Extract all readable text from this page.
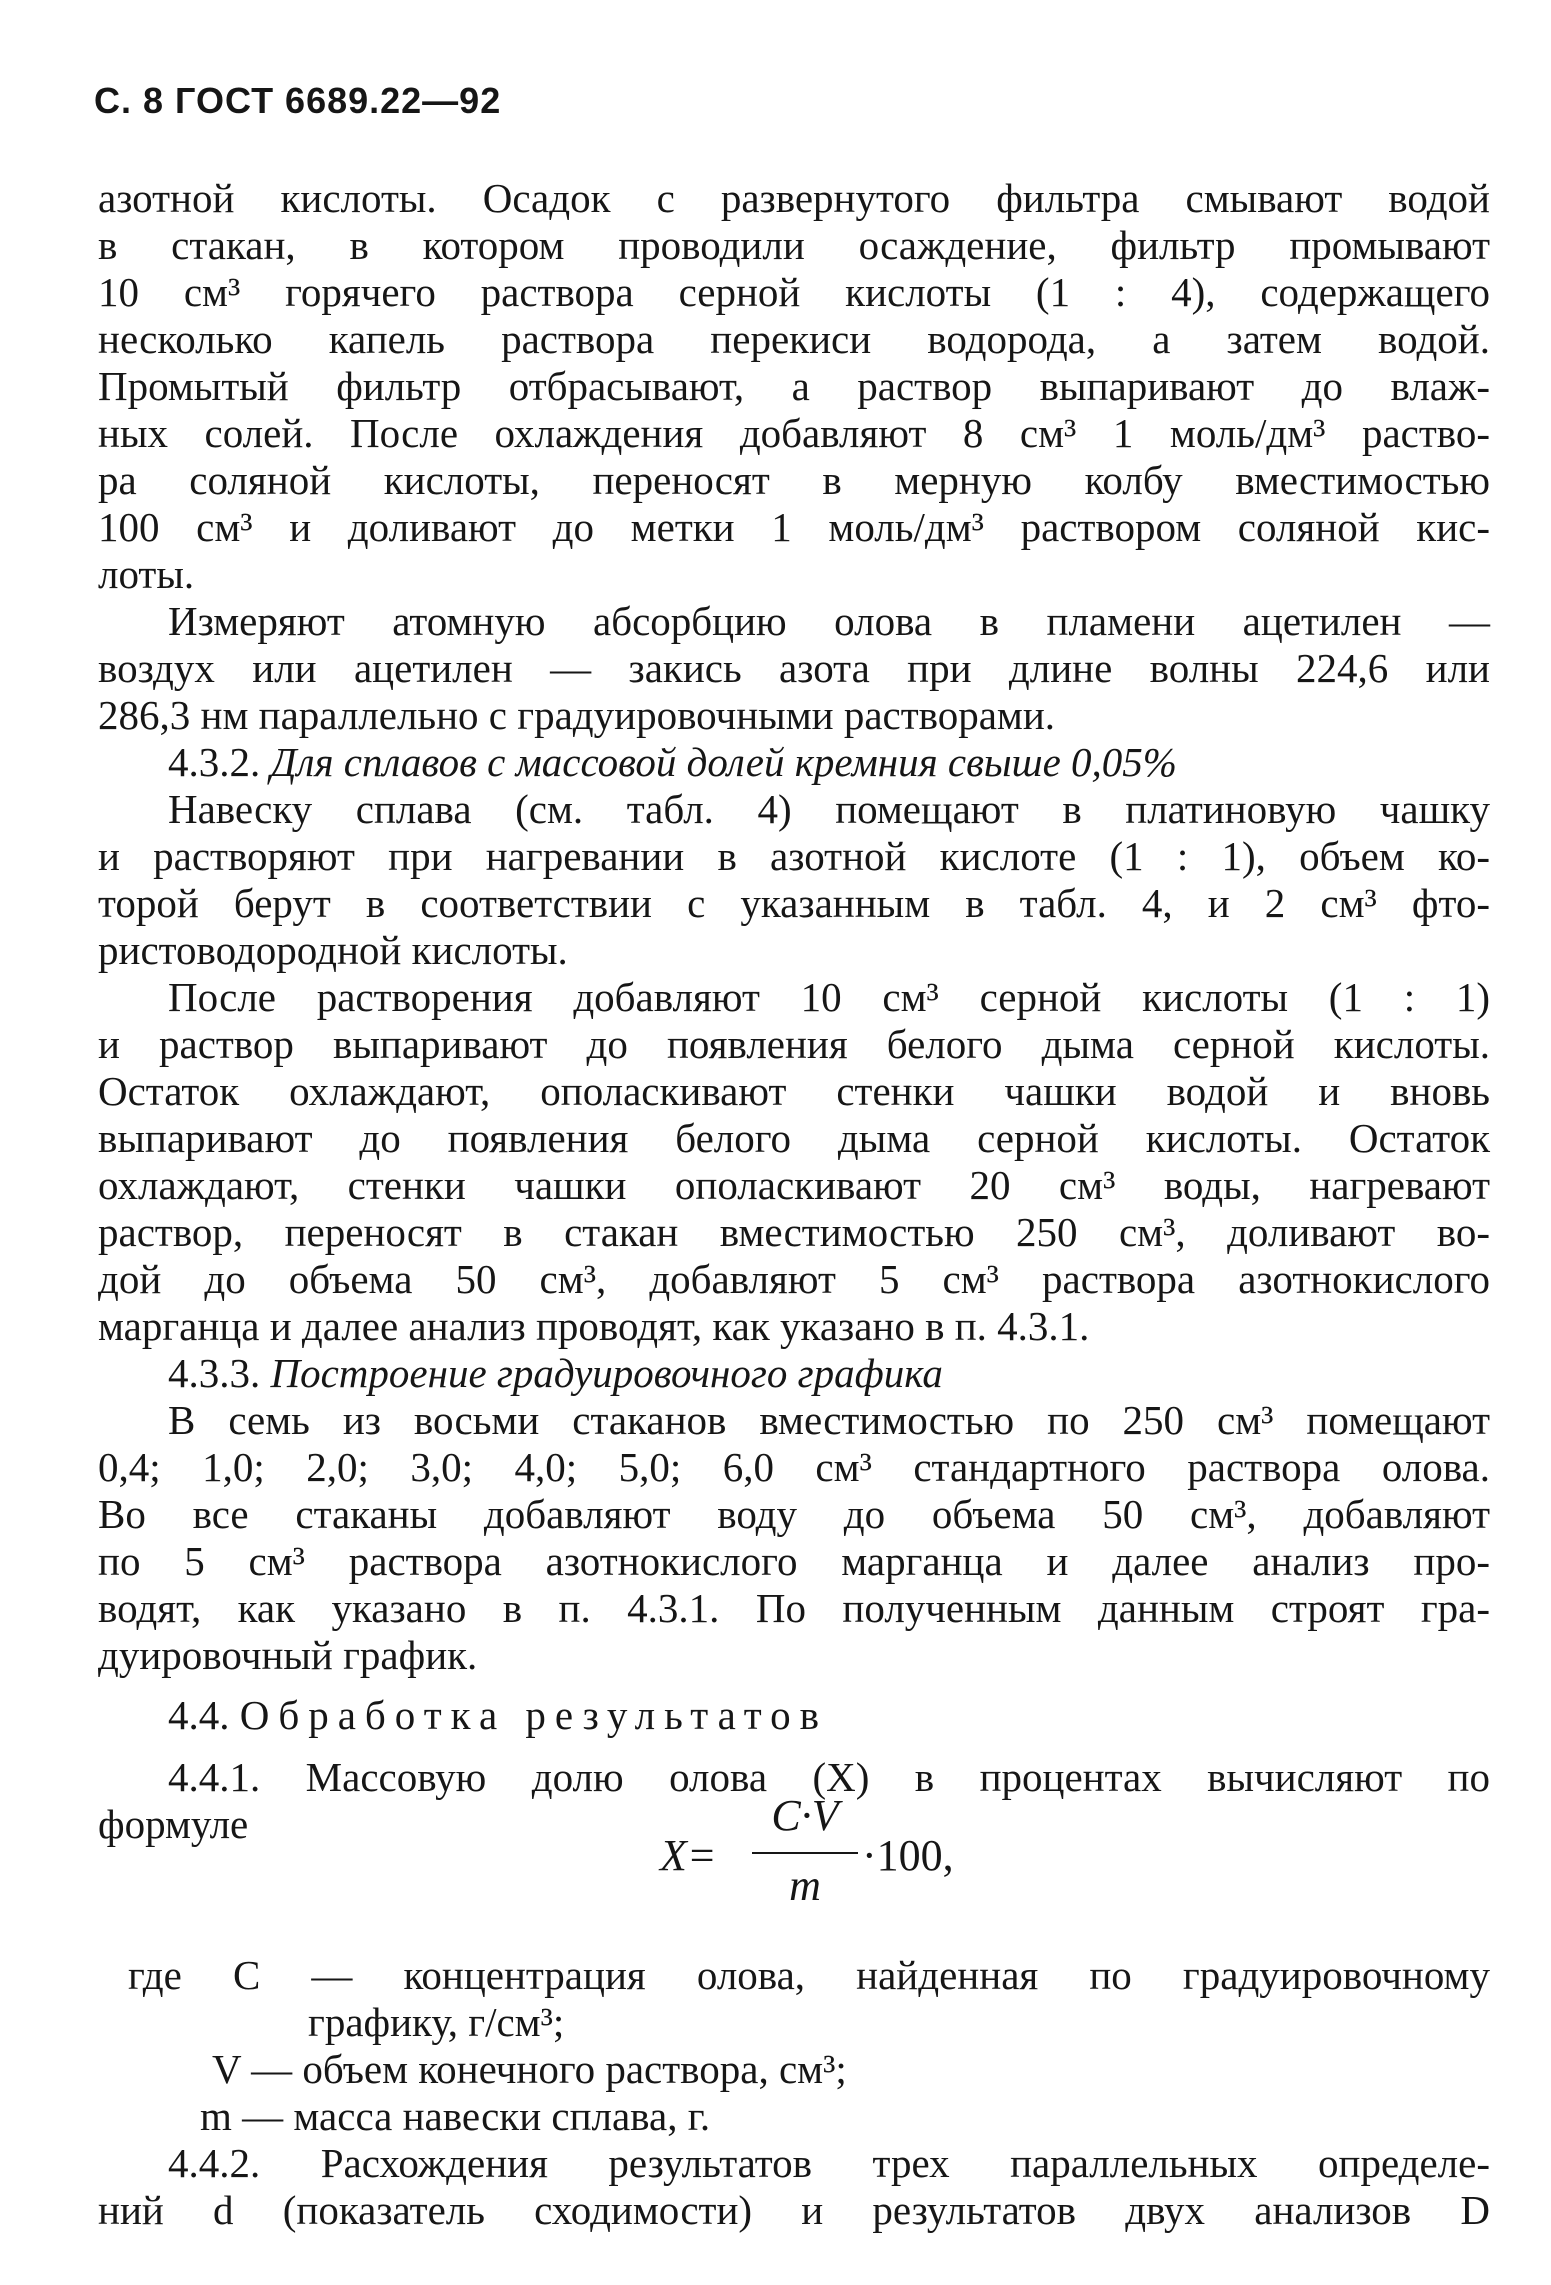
С. 8 ГОСТ 6689.22—92
азотной кислоты. Осадок с развернутого фильтра смывают водой
в стакан, в котором проводили осаждение, фильтр промывают
10 см³ горячего раствора серной кислоты (1 : 4), содержащего
несколько капель раствора перекиси водорода, а затем водой.
Промытый фильтр отбрасывают, а раствор выпаривают до влаж-
ных солей. После охлаждения добавляют 8 см³ 1 моль/дм³ раство-
ра соляной кислоты, переносят в мерную колбу вместимостью
100 см³ и доливают до метки 1 моль/дм³ раствором соляной кис-
лоты.
Измеряют атомную абсорбцию олова в пламени ацетилен —
воздух или ацетилен — закись азота при длине волны 224,6 или
286,3 нм параллельно с градуировочными растворами.
4.3.2. Для сплавов с массовой долей кремния свыше 0,05%
Навеску сплава (см. табл. 4) помещают в платиновую чашку
и растворяют при нагревании в азотной кислоте (1 : 1), объем ко-
торой берут в соответствии с указанным в табл. 4, и 2 см³ фто-
ристоводородной кислоты.
После растворения добавляют 10 см³ серной кислоты (1 : 1)
и раствор выпаривают до появления белого дыма серной кислоты.
Остаток охлаждают, ополаскивают стенки чашки водой и вновь
выпаривают до появления белого дыма серной кислоты. Остаток
охлаждают, стенки чашки ополаскивают 20 см³ воды, нагревают
раствор, переносят в стакан вместимостью 250 см³, доливают во-
дой до объема 50 см³, добавляют 5 см³ раствора азотнокислого
марганца и далее анализ проводят, как указано в п. 4.3.1.
4.3.3. Построение градуировочного графика
В семь из восьми стаканов вместимостью по 250 см³ помещают
0,4; 1,0; 2,0; 3,0; 4,0; 5,0; 6,0 см³ стандартного раствора олова.
Во все стаканы добавляют воду до объема 50 см³, добавляют
по 5 см³ раствора азотнокислого марганца и далее анализ про-
водят, как указано в п. 4.3.1. По полученным данным строят гра-
дуировочный график.
4.4. Обработка результатов
4.4.1. Массовую долю олова (X) в процентах вычисляют по
формуле
X=
C·V
m
·100,
где C — концентрация олова, найденная по градуировочному
графику, г/см³;
V — объем конечного раствора, см³;
m — масса навески сплава, г.
4.4.2. Расхождения результатов трех параллельных определе-
ний d (показатель сходимости) и результатов двух анализов D
